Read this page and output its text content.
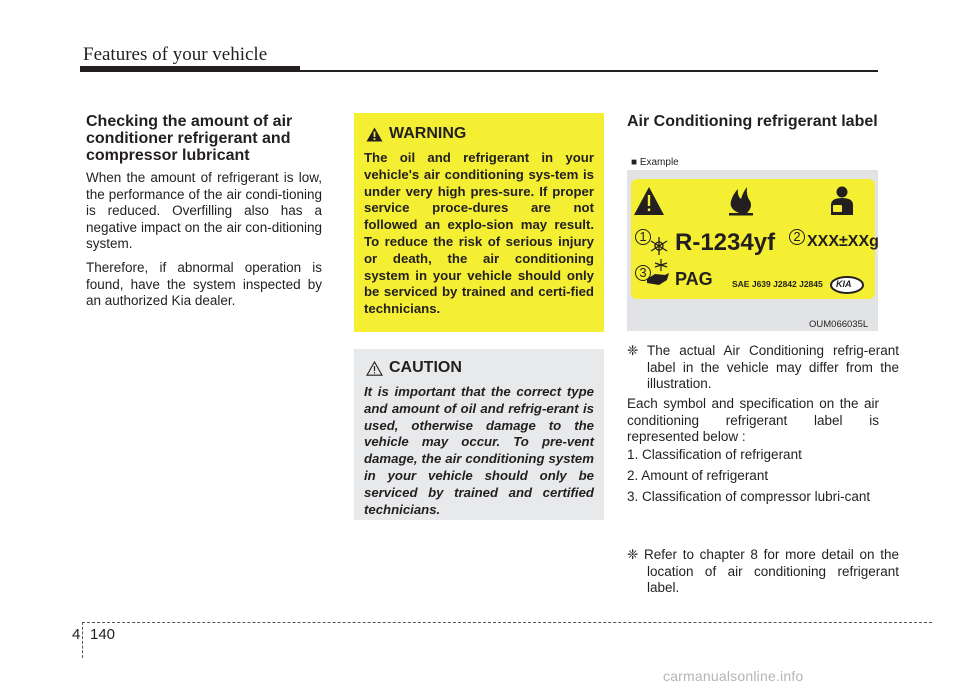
Features of your vehicle
Checking the amount of air conditioner refrigerant and compressor lubricant

When the amount of refrigerant is low, the performance of the air condi-tioning is reduced. Overfilling also has a negative impact on the air con-ditioning system.

Therefore, if abnormal operation is found, have the system inspected by an authorized Kia dealer.

WARNING
The oil and refrigerant in your vehicle's air conditioning sys-tem is under very high pres-sure. If proper service proce-dures are not followed an explo-sion may result. To reduce the risk of serious injury or death, the air conditioning system in your vehicle should only be serviced by trained and certi-fied technicians.
CAUTION
It is important that the correct type and amount of oil and refrig-erant is used, otherwise damage to the vehicle may occur. To pre-vent damage, the air conditioning system in your vehicle should only be serviced by trained and certified technicians.
Air Conditioning refrigerant label
■ Example
1	2
3
R-1234yf XXX±XXg
PAG SAE J639 J2842 J2845 KIA
OUM066035L
❈ The actual Air Conditioning refrig-erant label in the vehicle may differ from the illustration.
Each symbol and specification on the air conditioning refrigerant label is represented below :
1. Classification of refrigerant
2. Amount of refrigerant
3. Classification of compressor lubri-cant
❈ Refer to chapter 8 for more detail on the location of air conditioning refrigerant label.
4 140
carmanualsonline.info
